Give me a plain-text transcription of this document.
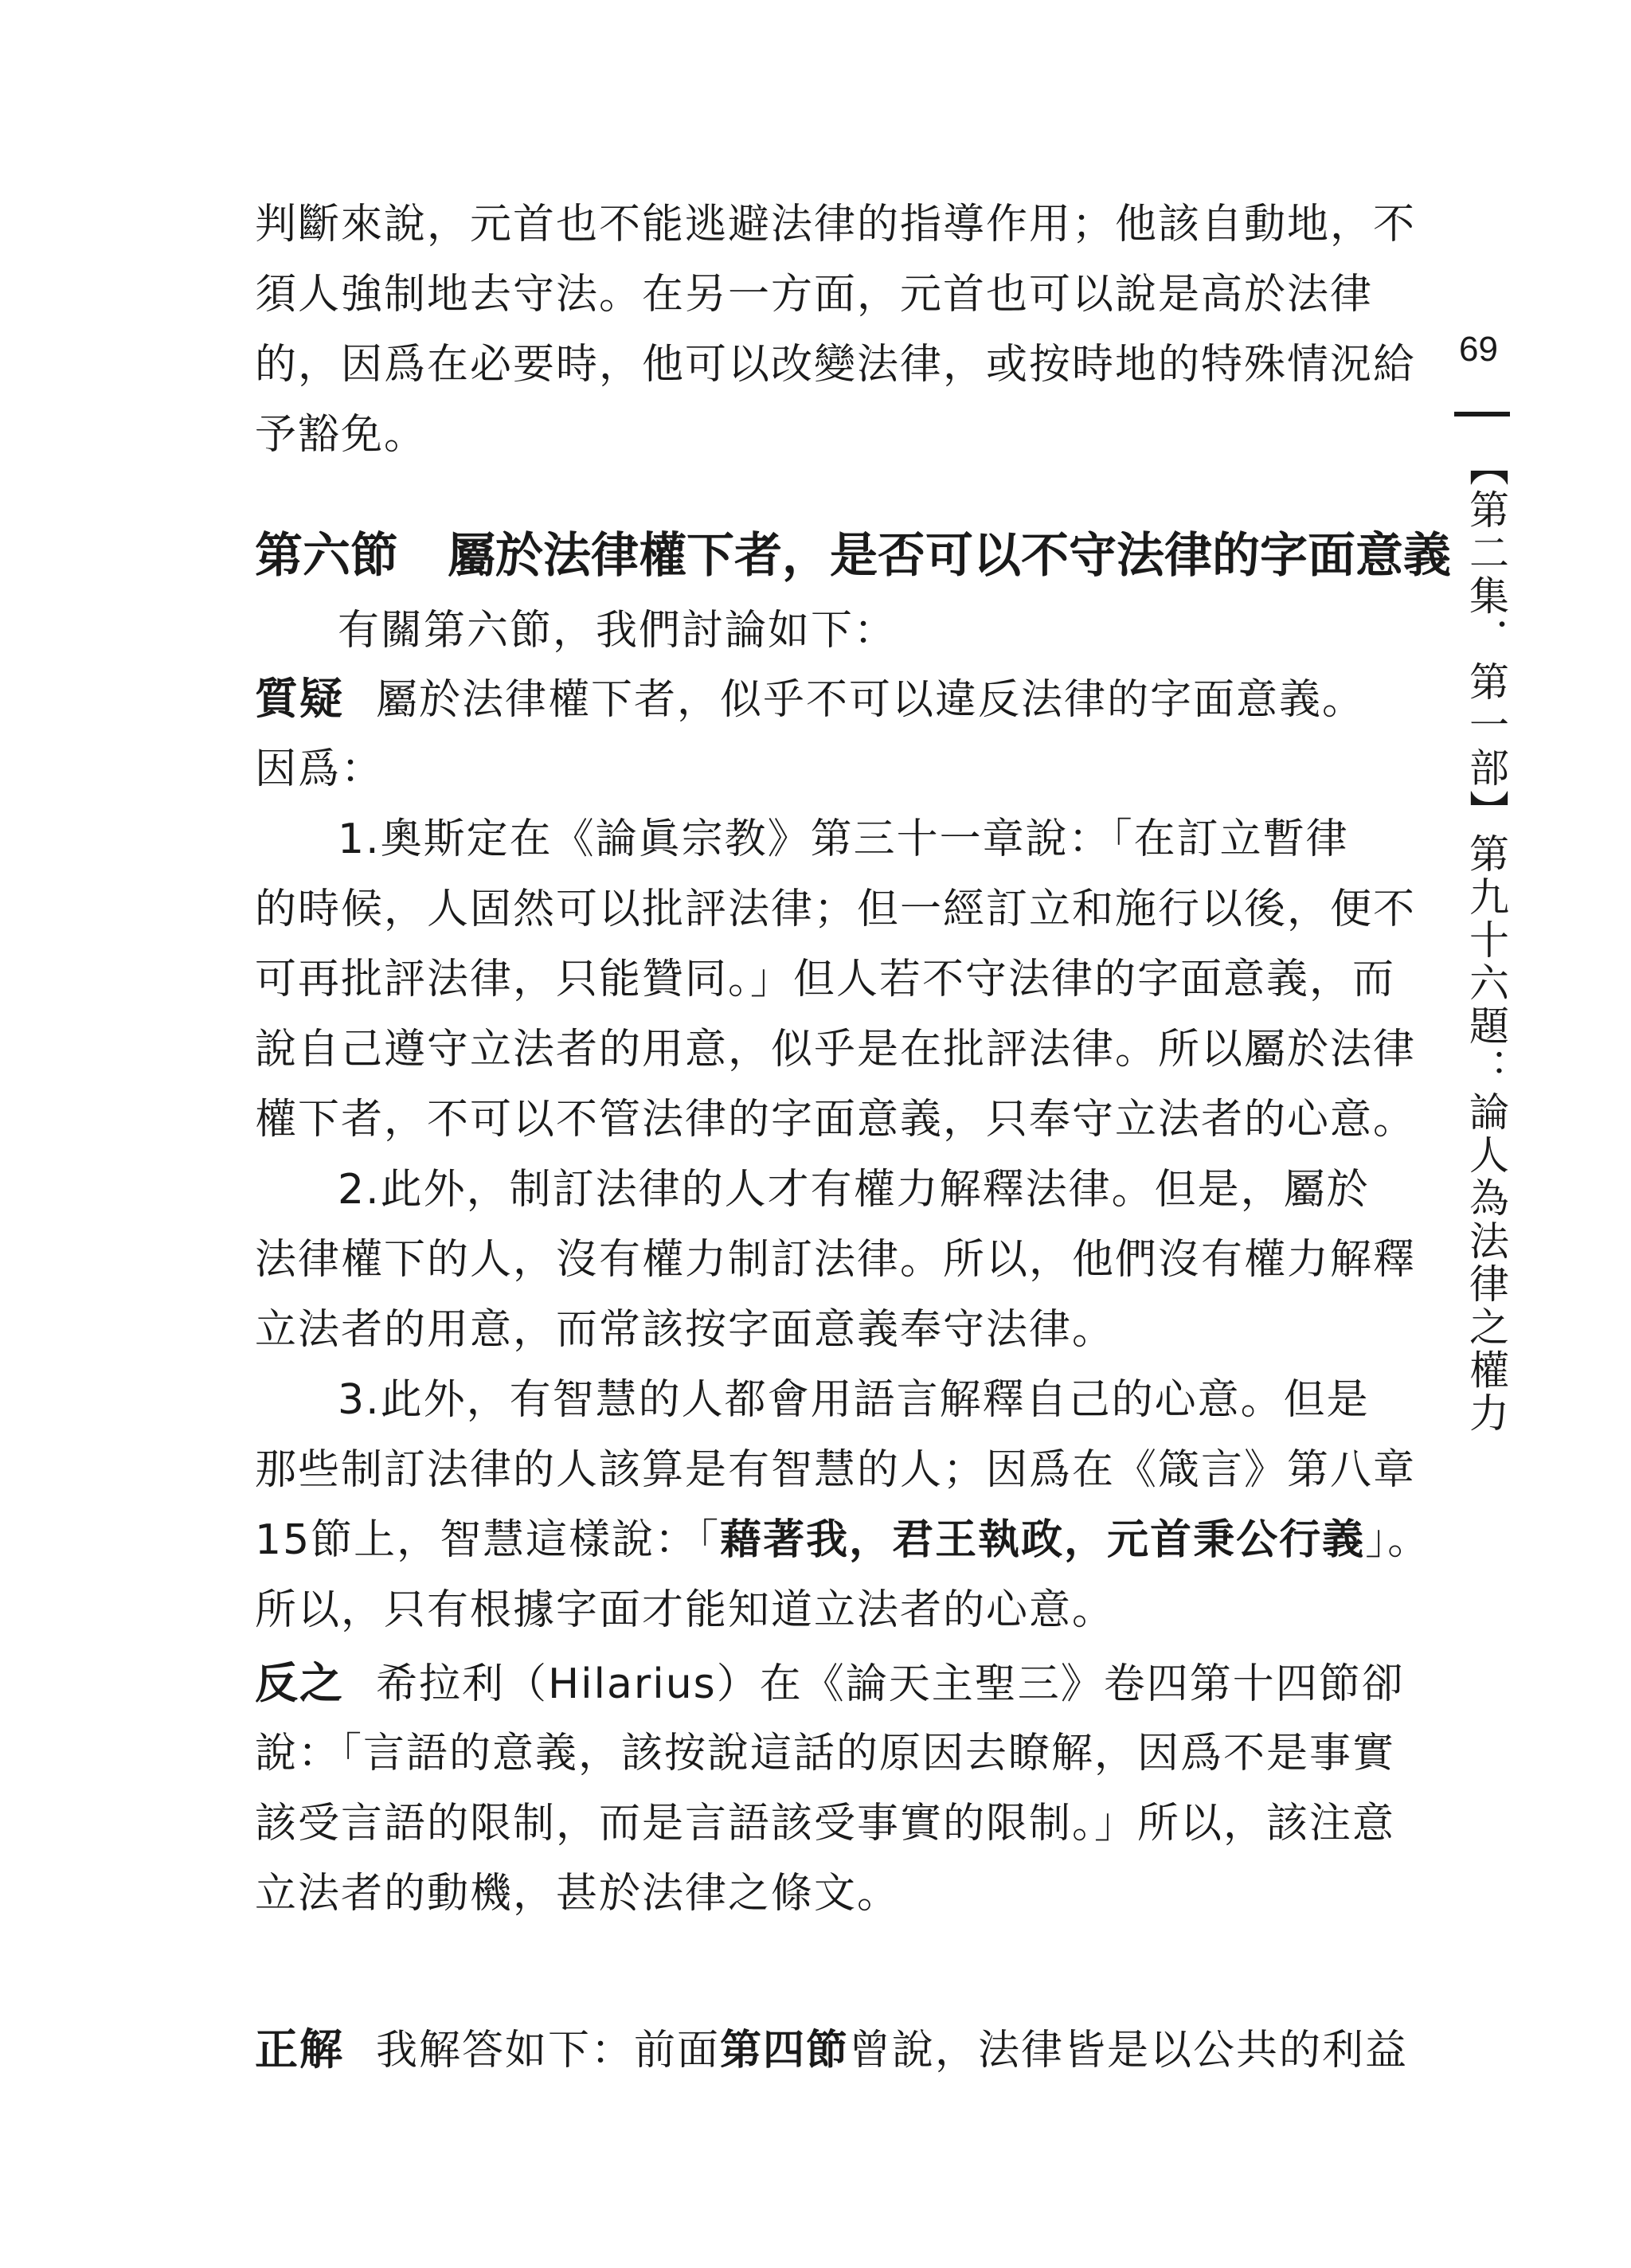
69
【第二集．第一部】第九十六題：論人為法律之權力
判斷來說，元首也不能逃避法律的指導作用；他該自動地，不
須人強制地去守法。在另一方面，元首也可以說是高於法律
的，因爲在必要時，他可以改變法律，或按時地的特殊情況給
予豁免。
第六節 屬於法律權下者，是否可以不守法律的字面意義
有關第六節，我們討論如下：
質疑 屬於法律權下者，似乎不可以違反法律的字面意義。
因爲：
1.奧斯定在《論眞宗教》第三十一章說：「在訂立暫律
的時候，人固然可以批評法律；但一經訂立和施行以後，便不
可再批評法律，只能贊同。」但人若不守法律的字面意義，而
說自己遵守立法者的用意，似乎是在批評法律。所以屬於法律
權下者，不可以不管法律的字面意義，只奉守立法者的心意。
2.此外，制訂法律的人才有權力解釋法律。但是，屬於
法律權下的人，沒有權力制訂法律。所以，他們沒有權力解釋
立法者的用意，而常該按字面意義奉守法律。
3.此外，有智慧的人都會用語言解釋自己的心意。但是
那些制訂法律的人該算是有智慧的人；因爲在《箴言》第八章
15節上，智慧這樣說：「藉著我，君王執政，元首秉公行義」。
所以，只有根據字面才能知道立法者的心意。
反之 希拉利（Hilarius）在《論天主聖三》卷四第十四節卻
說：「言語的意義，該按說這話的原因去瞭解，因爲不是事實
該受言語的限制，而是言語該受事實的限制。」所以，該注意
立法者的動機，甚於法律之條文。
正解 我解答如下：前面第四節曾說，法律皆是以公共的利益
